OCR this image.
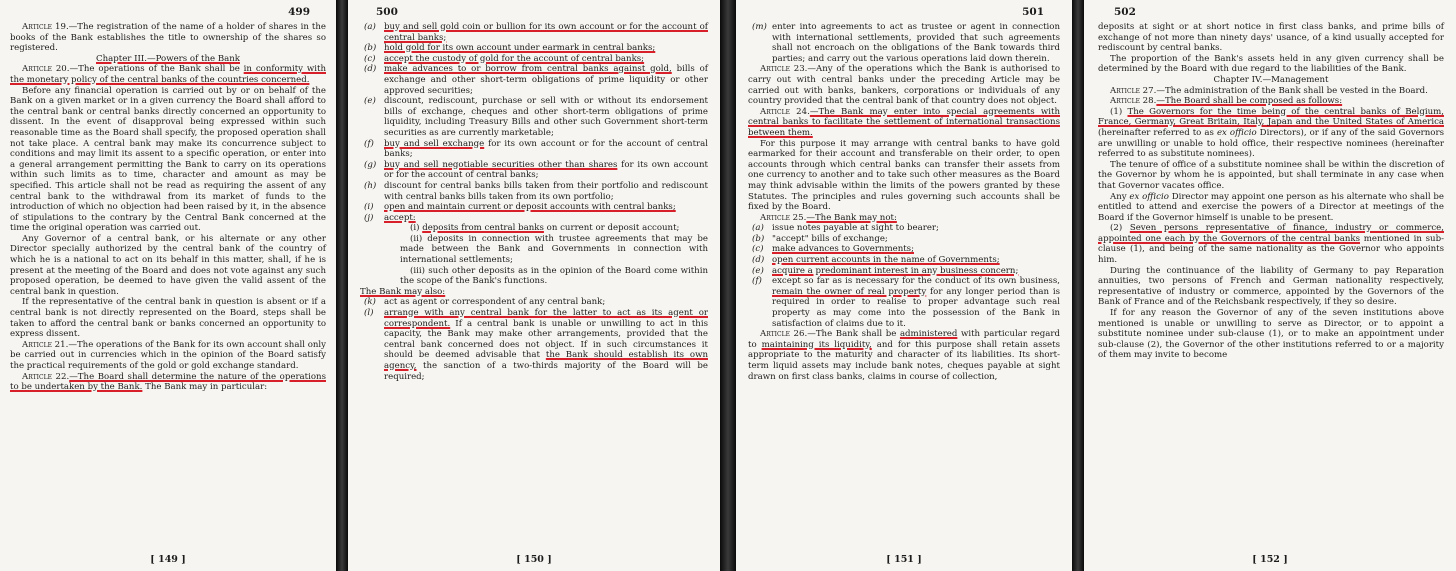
499

Article 19.—The registration of the name of a holder of shares in the books of the Bank establishes the title to ownership of the shares so registered.

Chapter III.—Powers of the Bank

Article 20.—The operations of the Bank shall be in conformity with the monetary policy of the central banks of the countries concerned.

Before any financial operation is carried out by or on behalf of the Bank on a given market or in a given currency the Board shall afford to the central bank or central banks directly concerned an opportunity to dissent. In the event of disapproval being expressed within such reasonable time as the Board shall specify, the proposed operation shall not take place. A central bank may make its concurrence subject to conditions and may limit its assent to a specific operation, or enter into a general arrangement permitting the Bank to carry on its operations within such limits as to time, character and amount as may be specified. This article shall not be read as requiring the assent of any central bank to the withdrawal from its market of funds to the introduction of which no objection had been raised by it, in the absence of stipulations to the contrary by the Central Bank concerned at the time the original operation was carried out.

Any Governor of a central bank, or his alternate or any other Director specially authorized by the central bank of the country of which he is a national to act on its behalf in this matter, shall, if he is present at the meeting of the Board and does not vote against any such proposed operation, be deemed to have given the valid assent of the central bank in question.

If the representative of the central bank in question is absent or if a central bank is not directly represented on the Board, steps shall be taken to afford the central bank or banks concerned an opportunity to express dissent.

Article 21.—The operations of the Bank for its own account shall only be carried out in currencies which in the opinion of the Board satisfy the practical requirements of the gold or gold exchange standard.

Article 22.—The Board shall determine the nature of the operations to be undertaken by the Bank. The Bank may in particular:

[ 149 ]
500

(a) buy and sell gold coin or bullion for its own account or for the account of central banks;

(b) hold gold for its own account under earmark in central banks;

(c) accept the custody of gold for the account of central banks;

(d) make advances to or borrow from central banks against gold, bills of exchange and other short-term obligations of prime liquidity or other approved securities;

(e) discount, rediscount, purchase or sell with or without its endorsement bills of exchange, cheques and other short-term obligations of prime liquidity, including Treasury Bills and other such Government short-term securities as are currently marketable;

(f) buy and sell exchange for its own account or for the account of central banks;

(g) buy and sell negotiable securities other than shares for its own account or for the account of central banks;

(h) discount for central banks bills taken from their portfolio and rediscount with central banks bills taken from its own portfolio;

(i) open and maintain current or deposit accounts with central banks;

(j) accept:

(i) deposits from central banks on current or deposit account;

(ii) deposits in connection with trustee agreements that may be made between the Bank and Governments in connection with international settlements;

(iii) such other deposits as in the opinion of the Board come within the scope of the Bank's functions.

The Bank may also:

(k) act as agent or correspondent of any central bank;

(l) arrange with any central bank for the latter to act as its agent or correspondent. If a central bank is unable or unwilling to act in this capacity, the Bank may make other arrangements, provided that the central bank concerned does not object. If in such circumstances it should be deemed advisable that the Bank should establish its own agency, the sanction of a two-thirds majority of the Board will be required;

[ 150 ]
501

(m) enter into agreements to act as trustee or agent in connection with international settlements, provided that such agreements shall not encroach on the obligations of the Bank towards third parties; and carry out the various operations laid down therein.

Article 23.—Any of the operations which the Bank is authorised to carry out with central banks under the preceding Article may be carried out with banks, bankers, corporations or individuals of any country provided that the central bank of that country does not object.

Article 24.—The Bank may enter into special agreements with central banks to facilitate the settlement of international transactions between them.

For this purpose it may arrange with central banks to have gold earmarked for their account and transferable on their order, to open accounts through which central banks can transfer their assets from one currency to another and to take such other measures as the Board may think advisable within the limits of the powers granted by these Statutes. The principles and rules governing such accounts shall be fixed by the Board.

Article 25.—The Bank may not:

(a) issue notes payable at sight to bearer;

(b) "accept" bills of exchange;

(c) make advances to Governments;

(d) open current accounts in the name of Governments;

(e) acquire a predominant interest in any business concern;

(f) except so far as is necessary for the conduct of its own business, remain the owner of real property for any longer period than is required in order to realise to proper advantage such real property as may come into the possession of the Bank in satisfaction of claims due to it.

Article 26.—The Bank shall be administered with particular regard to maintaining its liquidity, and for this purpose shall retain assets appropriate to the maturity and character of its liabilities. Its short-term liquid assets may include bank notes, cheques payable at sight drawn on first class banks, claims in course of collection,

[ 151 ]
502

deposits at sight or at short notice in first class banks, and prime bills of exchange of not more than ninety days' usance, of a kind usually accepted for rediscount by central banks.

The proportion of the Bank's assets held in any given currency shall be determined by the Board with due regard to the liabilities of the Bank.

Chapter IV.—Management

Article 27.—The administration of the Bank shall be vested in the Board.

Article 28.—The Board shall be composed as follows:

(1) The Governors for the time being of the central banks of Belgium, France, Germany, Great Britain, Italy, Japan and the United States of America (hereinafter referred to as ex officio Directors), or if any of the said Governors are unwilling or unable to hold office, their respective nominees (hereinafter referred to as substitute nominees).

The tenure of office of a substitute nominee shall be within the discretion of the Governor by whom he is appointed, but shall terminate in any case when that Governor vacates office.

Any ex officio Director may appoint one person as his alternate who shall be entitled to attend and exercise the powers of a Director at meetings of the Board if the Governor himself is unable to be present.

(2) Seven persons representative of finance, industry or commerce, appointed one each by the Governors of the central banks mentioned in sub-clause (1), and being of the same nationality as the Governor who appoints him.

During the continuance of the liability of Germany to pay Reparation annuities, two persons of French and German nationality respectively, representative of industry or commerce, appointed by the Governors of the Bank of France and of the Reichsbank respectively, if they so desire.

If for any reason the Governor of any of the seven institutions above mentioned is unable or unwilling to serve as Director, or to appoint a substitute nominee under sub-clause (1), or to make an appointment under sub-clause (2), the Governor of the other institutions referred to or a majority of them may invite to become

[ 152 ]
